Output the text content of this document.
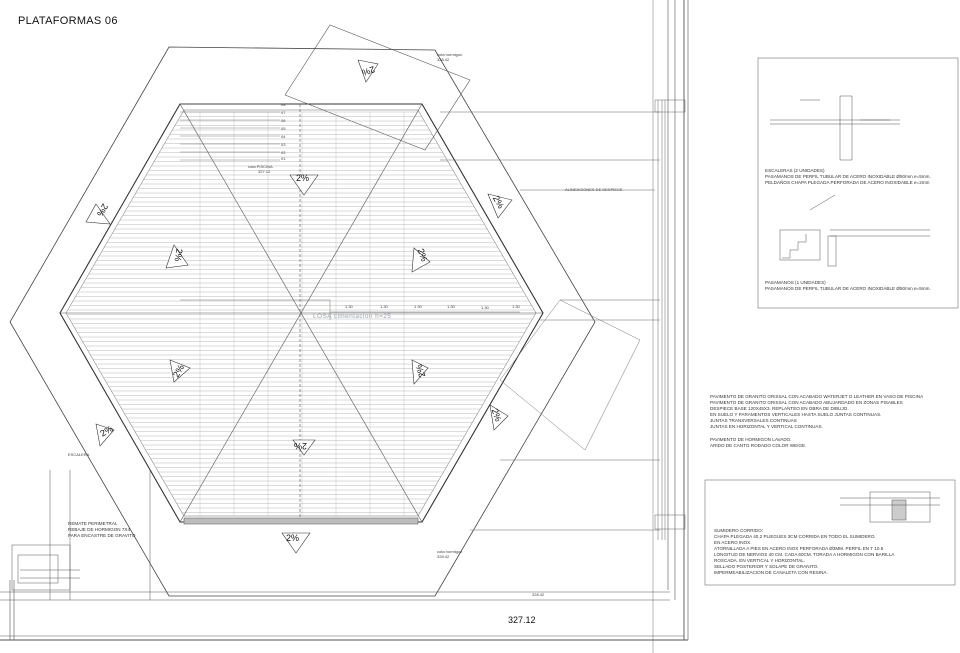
PLATAFORMAS 06
2%
2%
2%
2%	2%
2%	2%
2%	2%
2%
2%
2%
cota hormigon
328.42
cota PISCINA
327.12
cota hormigon
328.42
328.42
327.12
08
07
06
05
04
03
02
01
1.30	1.30	1.30	1.30	1.30	1.30
ALINEACIONES DE DESPIECE
ESCALERA
LOSA cimentacion h=25
REMATE PERIMETRAL
REBAJE DE HORMIGON 7X4
PARA ENCASTRE DE GRAVITO
ESCALERAS (2 UNIDADES)
PASAMANOS DE PERFIL TUBULAR DE ACERO INOXIDABLE Ø50mm e=5mm.
PELDAÑOS CHAPA PLEGADA PERFORADA DE ACERO INOXIDABLE e=2mm
PASAMANOS (1 UNIDADES)
PASAMANOS DE PERFIL TUBULAR DE ACERO INOXIDABLE Ø50mm e=5mm.
PAVIMENTO DE GRANITO GRISSAL CON ACABADO WATERJET O LEATHER EN VASO DE PISCINA
PAVIMENTO DE GRANITO GRISSAL CON ACABADO ABUJARDADO EN ZONAS PISABLES
DESPIECE BASE 120X45X3. REPLANTEO EN OBRA DE DIBUJO.
EN SUELO Y PARAMENTOS VERTICALES HASTA SUELO JUNTAS CONTINUAS.
JUNTAS TRANSVERSALES CONTINUAS
JUNTAS EN HORIZONTAL Y VERTICAL CONTINUAS.
PAVIMENTO DE HORMIGON LAVADO.
ARIDO DE CANTO RODADO COLOR WEIGE.
SUMIDERO CORRIDO:
CHAPA PLEGADA 40,2 PLIEGUES 3CM CORRIDA EN TODO EL SUMIDERO.
EN ACERO INOX.
ATORNILLADA A PIES EN ACERO INOX PERFORADA Ø3MM. PERFIL EN T 10.5
LONGITUD DE NERVIOS 40 CM. CADA 60CM. TORADA A HORMIGON CON BARILLA
ROSCADA. EN VERTICAL Y HORIZONTAL.
SELLADO POSTERIOR Y SOLAPE DE GRANITO.
IMPERMEABILIZACION DE CANALETA CON RESINA.
